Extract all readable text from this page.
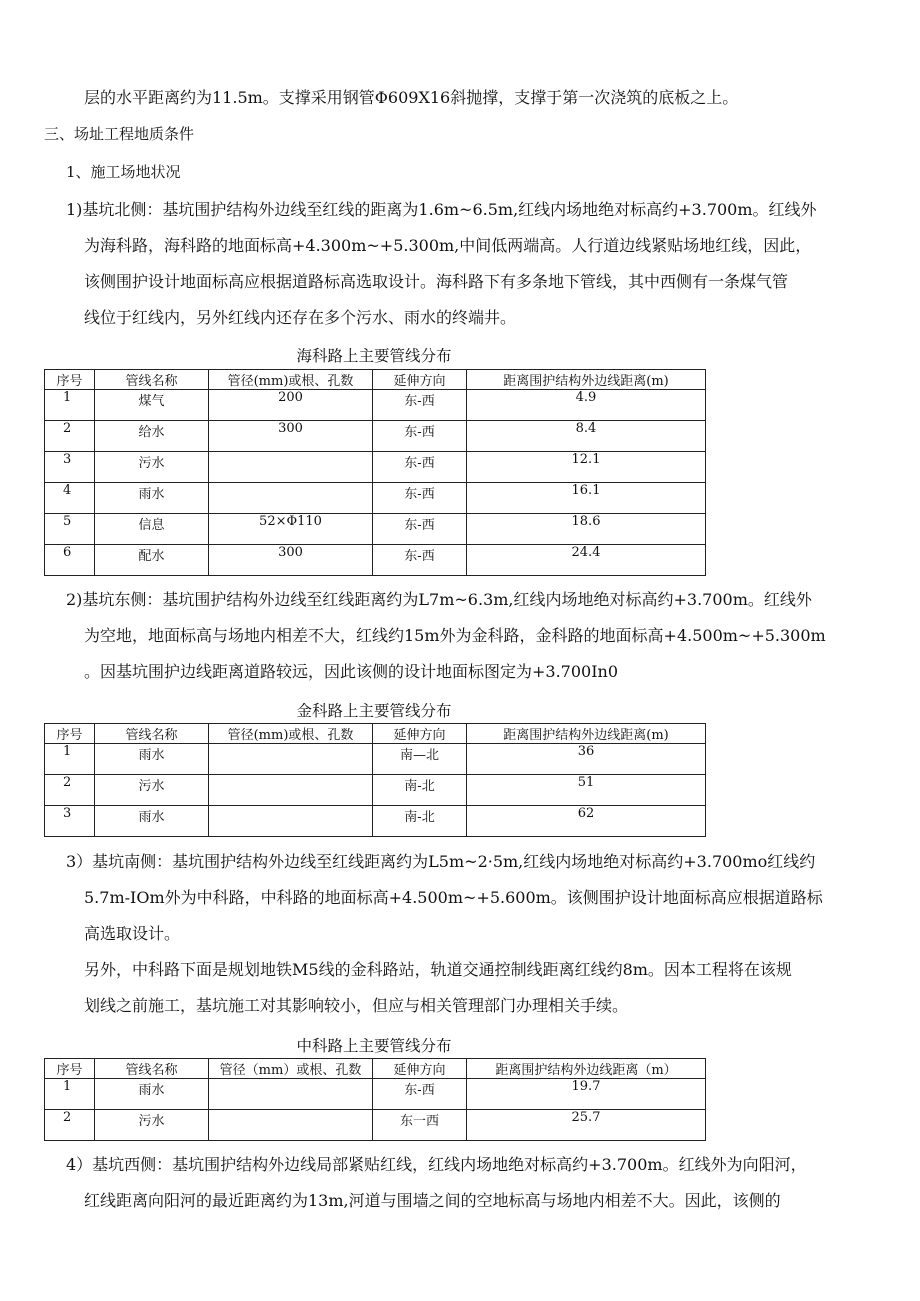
层的水平距离约为11.5m。支撑采用钢管Φ609X16斜抛撑，支撑于第一次浇筑的底板之上。

三、场址工程地质条件

1、施工场地状况

1)基坑北侧：基坑围护结构外边线至红线的距离为1.6m~6.5m,红线内场地绝对标高约+3.700m。红线外

为海科路，海科路的地面标高+4.300m~+5.300m,中间低两端高。人行道边线紧贴场地红线，因此，

该侧围护设计地面标高应根据道路标高选取设计。海科路下有多条地下管线，其中西侧有一条煤气管

线位于红线内，另外红线内还存在多个污水、雨水的终端井。

海科路上主要管线分布

序号	管线名称	管径(mm)或根、孔数	延伸方向	距离围护结构外边线距离(m)
1	煤气	200	东-西	4.9
2	给水	300	东-西	8.4
3	污水		东-西	12.1
4	雨水		东-西	16.1
5	信息	52×Φ110	东-西	18.6
6	配水	300	东-西	24.4

2)基坑东侧：基坑围护结构外边线至红线距离约为L7m~6.3m,红线内场地绝对标高约+3.700m。红线外

为空地，地面标高与场地内相差不大，红线约15m外为金科路，金科路的地面标高+4.500m~+5.300m

。因基坑围护边线距离道路较远，因此该侧的设计地面标图定为+3.700In0

金科路上主要管线分布

序号	管线名称	管径(mm)或根、孔数	延伸方向	距离围护结构外边线距离(m)
1	雨水		南—北	36
2	污水		南-北	51
3	雨水		南-北	62

3）基坑南侧：基坑围护结构外边线至红线距离约为L5m~2·5m,红线内场地绝对标高约+3.700mo红线约

5.7m-IOm外为中科路，中科路的地面标高+4.500m~+5.600m。该侧围护设计地面标高应根据道路标

高选取设计。

另外，中科路下面是规划地铁M5线的金科路站，轨道交通控制线距离红线约8m。因本工程将在该规

划线之前施工，基坑施工对其影响较小，但应与相关管理部门办理相关手续。

中科路上主要管线分布

序号	管线名称	管径（mm）或根、孔数	延伸方向	距离围护结构外边线距离（m）
1	雨水		东-西	19.7
2	污水		东一西	25.7

4）基坑西侧：基坑围护结构外边线局部紧贴红线，红线内场地绝对标高约+3.700m。红线外为向阳河，

红线距离向阳河的最近距离约为13m,河道与围墙之间的空地标高与场地内相差不大。因此，该侧的
